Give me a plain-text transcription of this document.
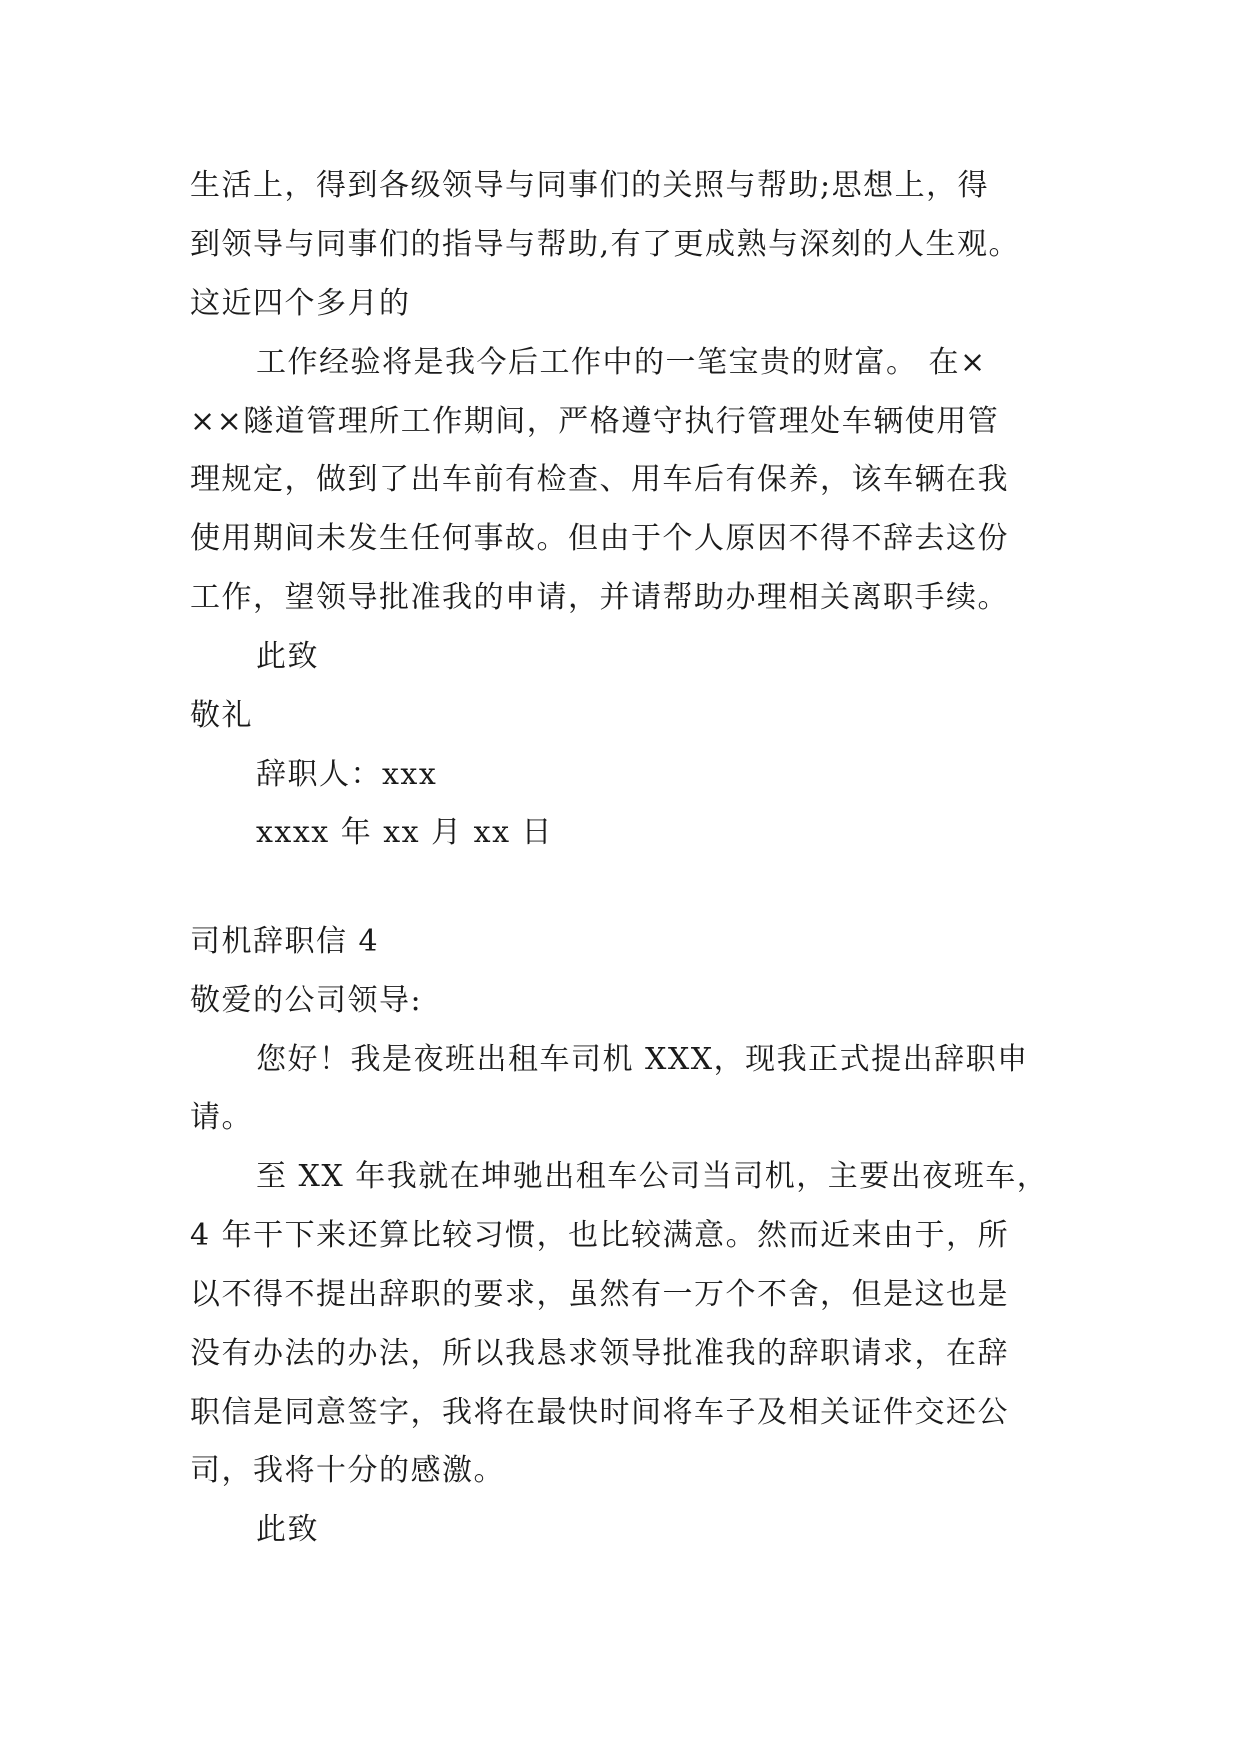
生活上，得到各级领导与同事们的关照与帮助;思想上，得
到领导与同事们的指导与帮助,有了更成熟与深刻的人生观。
这近四个多月的
工作经验将是我今后工作中的一笔宝贵的财富。 在×
××隧道管理所工作期间，严格遵守执行管理处车辆使用管
理规定，做到了出车前有检查、用车后有保养，该车辆在我
使用期间未发生任何事故。但由于个人原因不得不辞去这份
工作，望领导批准我的申请，并请帮助办理相关离职手续。
此致
敬礼
辞职人：xxx
xxxx 年 xx 月 xx 日
司机辞职信 4
敬爱的公司领导:
您好！我是夜班出租车司机 XXX，现我正式提出辞职申
请。
至 XX 年我就在坤驰出租车公司当司机，主要出夜班车，
4 年干下来还算比较习惯，也比较满意。然而近来由于，所
以不得不提出辞职的要求，虽然有一万个不舍，但是这也是
没有办法的办法，所以我恳求领导批准我的辞职请求，在辞
职信是同意签字，我将在最快时间将车子及相关证件交还公
司，我将十分的感激。
此致
